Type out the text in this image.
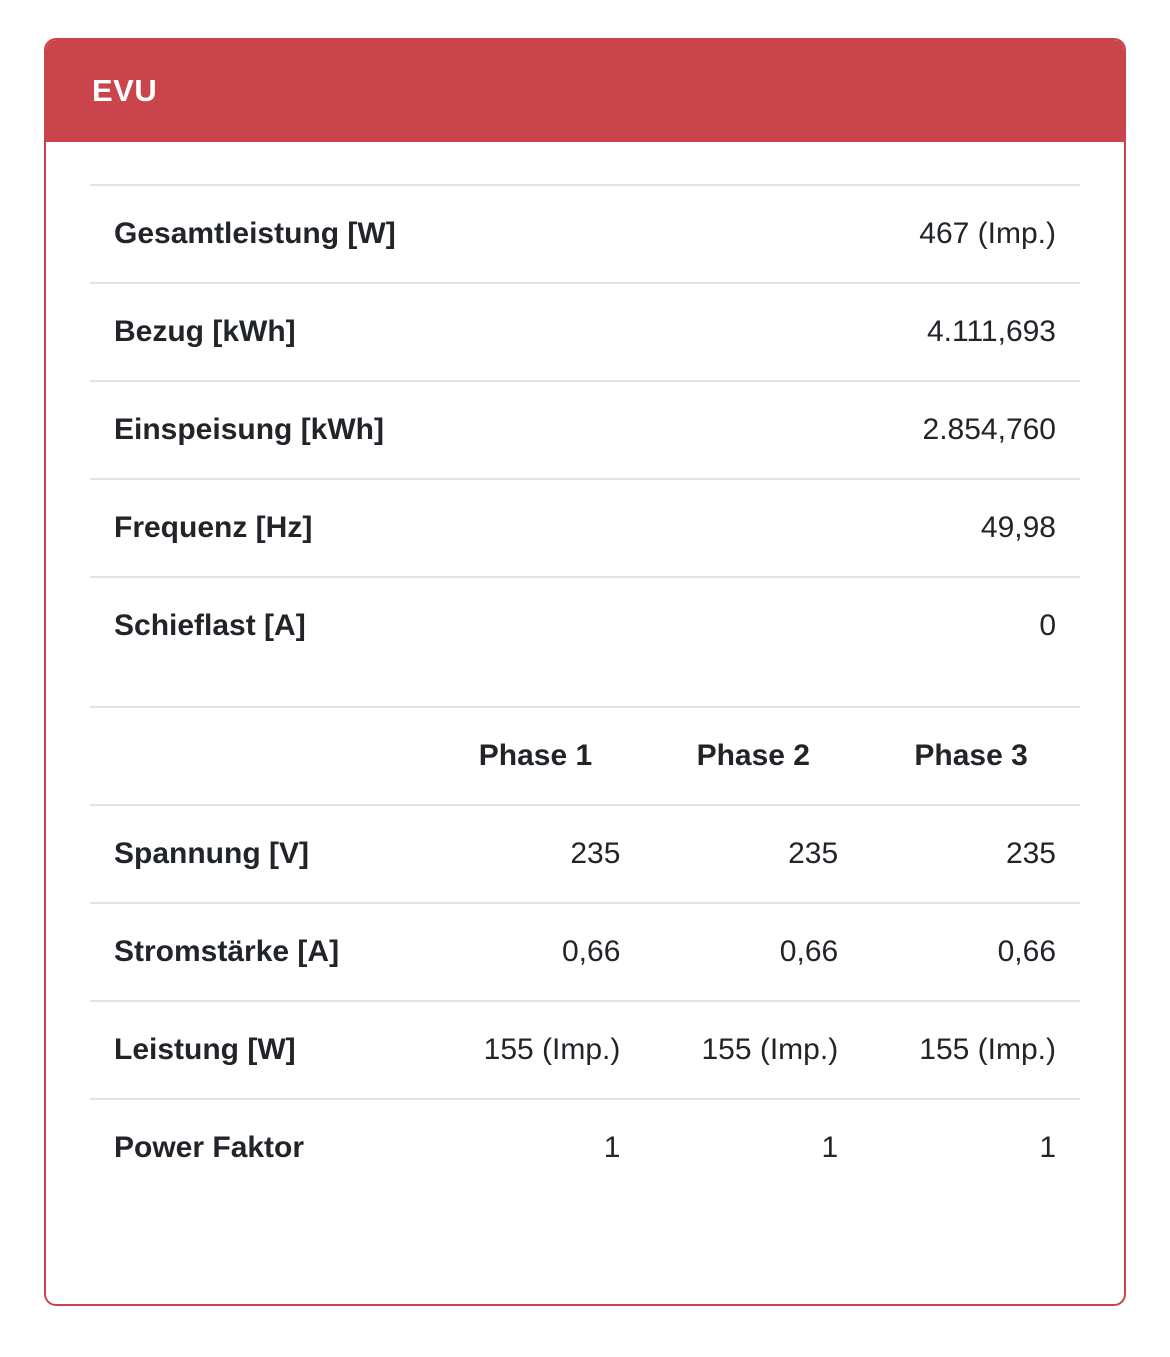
EVU
Gesamtleistung [W]	467 (Imp.)
Bezug [kWh]	4.111,693
Einspeisung [kWh]	2.854,760
Frequenz [Hz]	49,98
Schieflast [A]	0
	Phase 1	Phase 2	Phase 3
Spannung [V]	235	235	235
Stromstärke [A]	0,66	0,66	0,66
Leistung [W]	155 (Imp.)	155 (Imp.)	155 (Imp.)
Power Faktor	1	1	1
